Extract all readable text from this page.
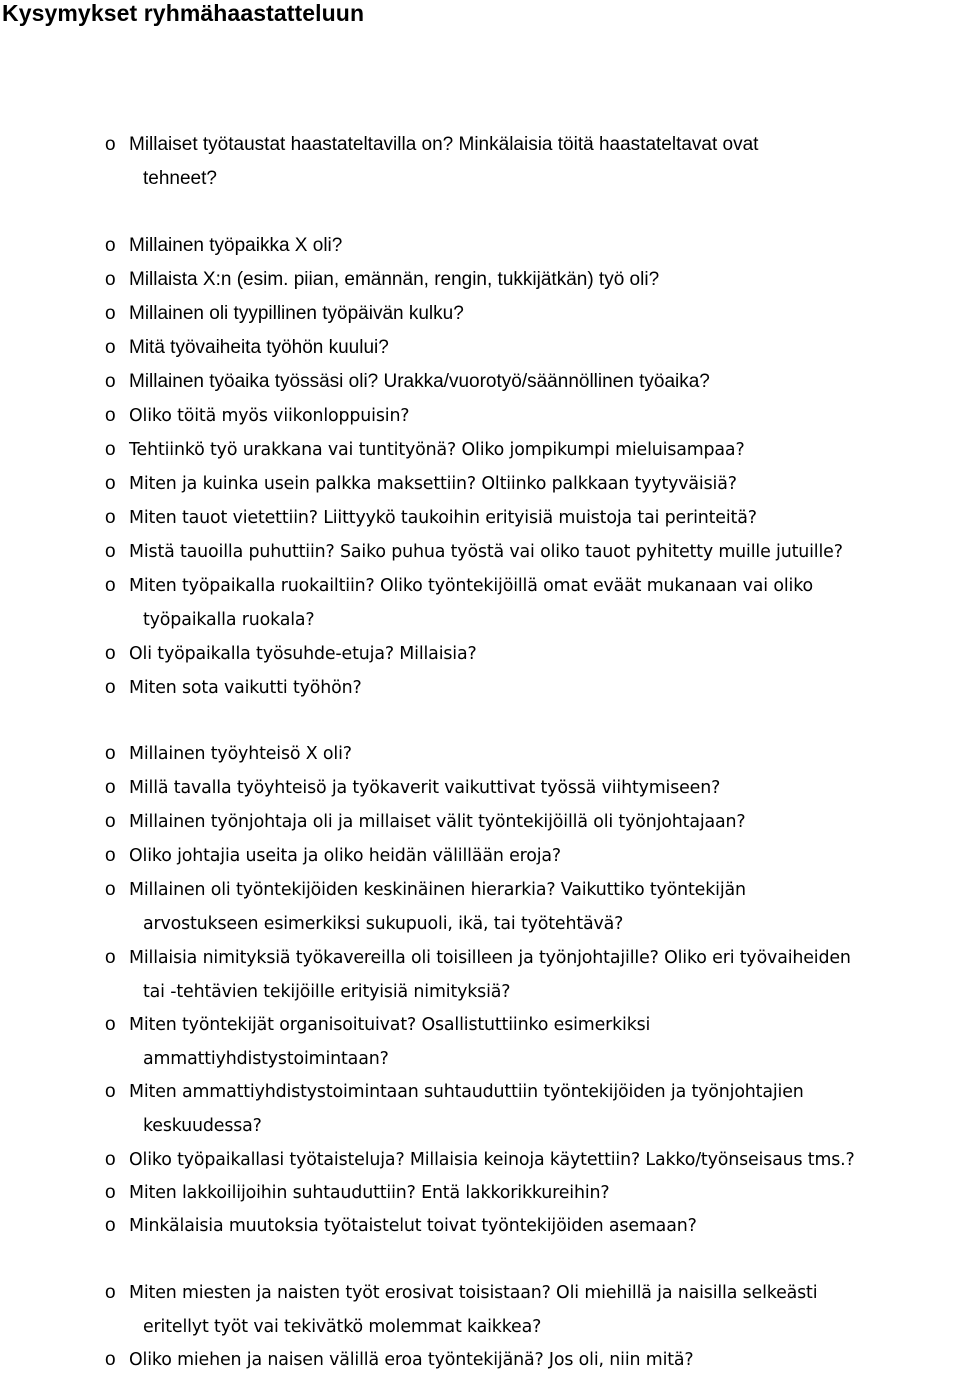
Kysymykset ryhmähaastatteluun
o Millaiset työtaustat haastateltavilla on? Minkälaisia töitä haastateltavat ovat
tehneet?
o Millainen työpaikka X oli?
o Millaista X:n (esim. piian, emännän, rengin, tukkijätkän) työ oli?
o Millainen oli tyypillinen työpäivän kulku?
o Mitä työvaiheita työhön kuului?
o Millainen työaika työssäsi oli? Urakka/vuorotyö/säännöllinen työaika?
o Oliko töitä myös viikonloppuisin?
o Tehtiinkö työ urakkana vai tuntityönä? Oliko jompikumpi mieluisampaa?
o Miten ja kuinka usein palkka maksettiin? Oltiinko palkkaan tyytyväisiä?
o Miten tauot vietettiin? Liittyykö taukoihin erityisiä muistoja tai perinteitä?
o Mistä tauoilla puhuttiin? Saiko puhua työstä vai oliko tauot pyhitetty muille jutuille?
o Miten työpaikalla ruokailtiin? Oliko työntekijöillä omat eväät mukanaan vai oliko
työpaikalla ruokala?
o Oli työpaikalla työsuhde-etuja? Millaisia?
o Miten sota vaikutti työhön?
o Millainen työyhteisö X oli?
o Millä tavalla työyhteisö ja työkaverit vaikuttivat työssä viihtymiseen?
o Millainen työnjohtaja oli ja millaiset välit työntekijöillä oli työnjohtajaan?
o Oliko johtajia useita ja oliko heidän välillään eroja?
o Millainen oli työntekijöiden keskinäinen hierarkia? Vaikuttiko työntekijän
arvostukseen esimerkiksi sukupuoli, ikä, tai työtehtävä?
o Millaisia nimityksiä työkavereilla oli toisilleen ja työnjohtajille? Oliko eri työvaiheiden
tai -tehtävien tekijöille erityisiä nimityksiä?
o Miten työntekijät organisoituivat? Osallistuttiinko esimerkiksi
ammattiyhdistystoimintaan?
o Miten ammattiyhdistystoimintaan suhtauduttiin työntekijöiden ja työnjohtajien
keskuudessa?
o Oliko työpaikallasi työtaisteluja? Millaisia keinoja käytettiin? Lakko/työnseisaus tms.?
o Miten lakkoilijoihin suhtauduttiin? Entä lakkorikkureihin?
o Minkälaisia muutoksia työtaistelut toivat työntekijöiden asemaan?
o Miten miesten ja naisten työt erosivat toisistaan? Oli miehillä ja naisilla selkeästi
eritellyt työt vai tekivätkö molemmat kaikkea?
o Oliko miehen ja naisen välillä eroa työntekijänä? Jos oli, niin mitä?
